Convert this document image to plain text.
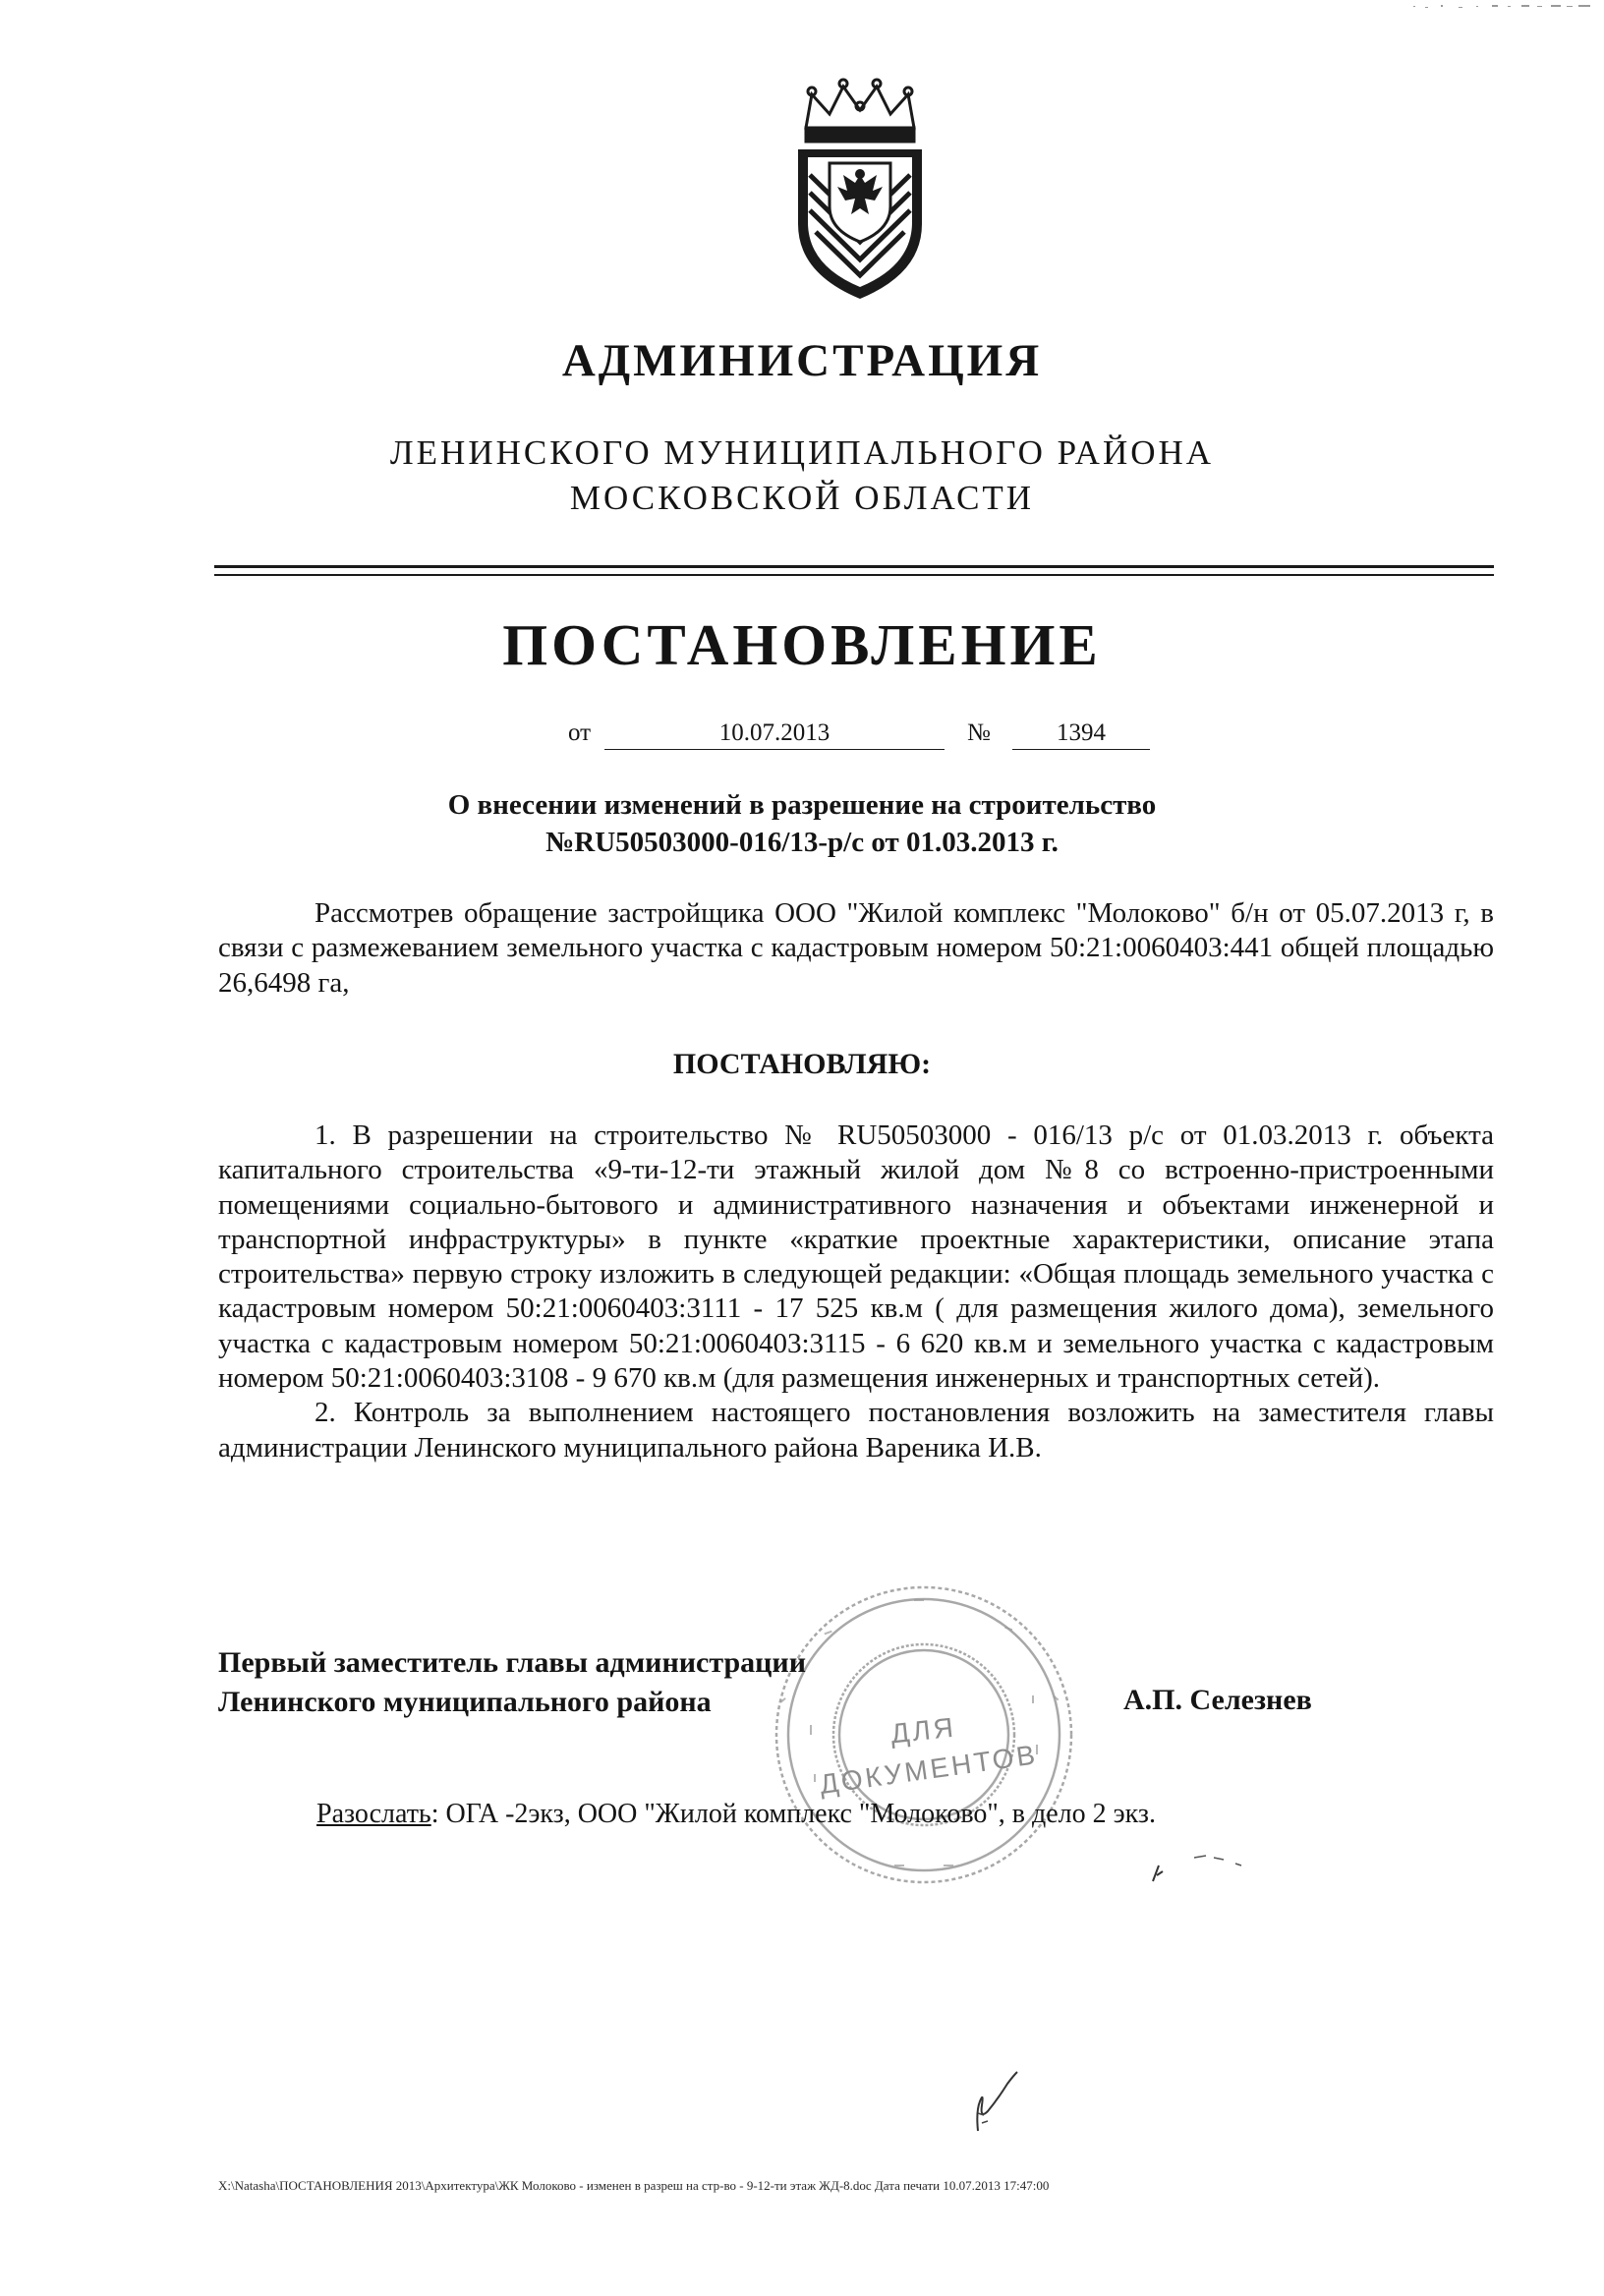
АДМИНИСТРАЦИЯ
ЛЕНИНСКОГО МУНИЦИПАЛЬНОГО РАЙОНА
МОСКОВСКОЙ ОБЛАСТИ
ПОСТАНОВЛЕНИЕ
от	10.07.2013	№	1394
О внесении изменений в разрешение на строительство
№RU50503000-016/13-р/с от 01.03.2013 г.

Рассмотрев обращение застройщика ООО "Жилой комплекс "Молоково" б/н от 05.07.2013 г, в связи с размежеванием земельного участка с кадастровым номером 50:21:0060403:441 общей площадью 26,6498 га,

ПОСТАНОВЛЯЮ:

1. В разрешении на строительство № RU50503000 - 016/13 р/с от 01.03.2013 г. объекта капитального строительства «9-ти-12-ти этажный жилой дом №8 со встроенно-пристроенными помещениями социально-бытового и административного назначения и объектами инженерной и транспортной инфраструктуры» в пункте «краткие проектные характеристики, описание этапа строительства» первую строку изложить в следующей редакции: «Общая площадь земельного участка с кадастровым номером 50:21:0060403:3111 - 17 525 кв.м ( для размещения жилого дома), земельного участка с кадастровым номером 50:21:0060403:3115 - 6 620 кв.м и земельного участка с кадастровым номером 50:21:0060403:3108 - 9 670 кв.м (для размещения инженерных и транспортных сетей).

2. Контроль за выполнением настоящего постановления возложить на заместителя главы администрации Ленинского муниципального района Вареника И.В.

ДЛЯ
ДОКУМЕНТОВ
Первый заместитель главы администрации
Ленинского муниципального района	А.П. Селезнев
Разослать: ОГА -2экз, ООО "Жилой комплекс "Молоково", в дело 2 экз.
X:\Natasha\ПОСТАНОВЛЕНИЯ 2013\Архитектура\ЖК Молоково - изменен в разреш на стр-во - 9-12-ти этаж ЖД-8.doc Дата печати 10.07.2013 17:47:00
